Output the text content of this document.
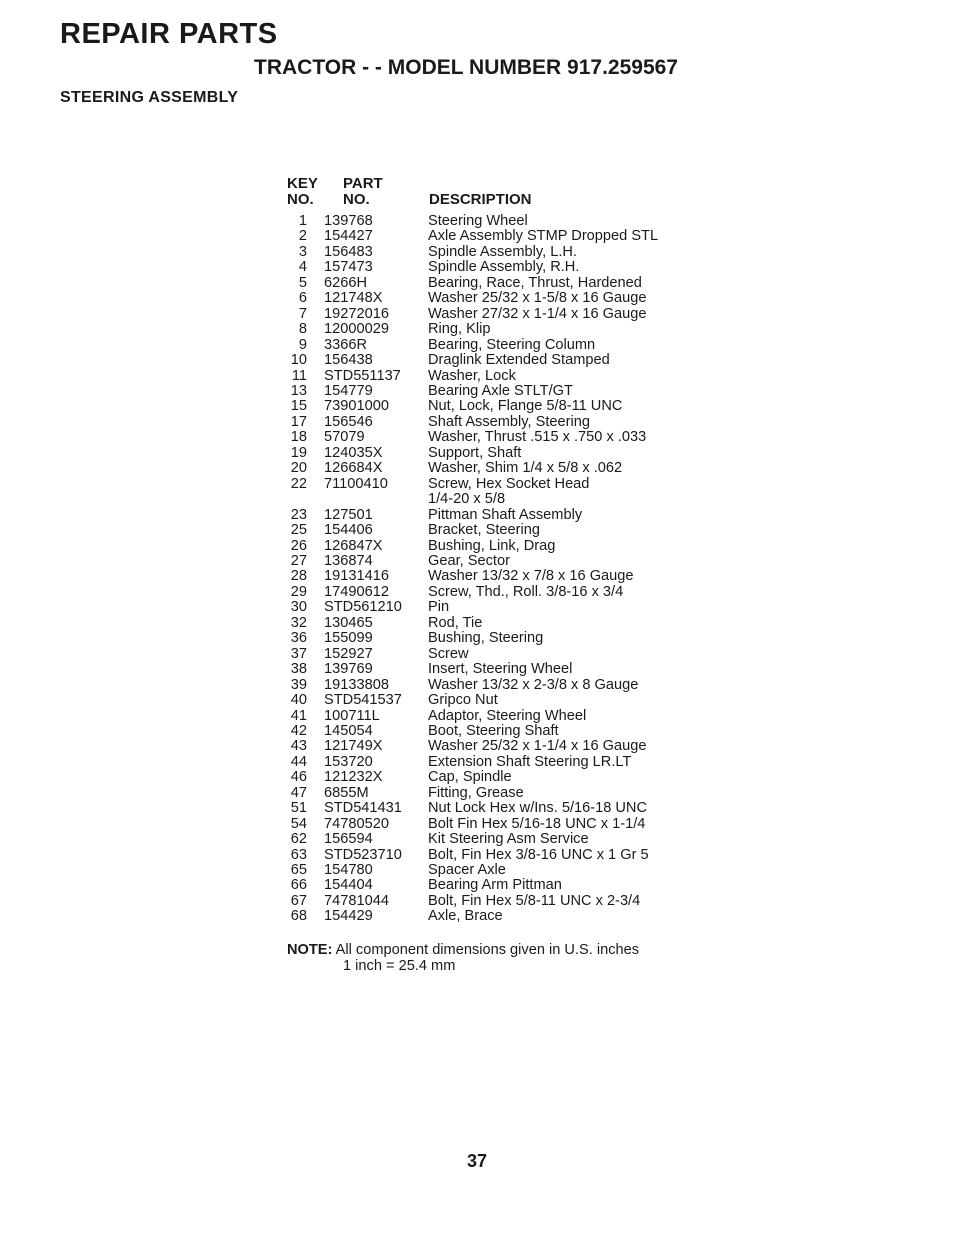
REPAIR PARTS
TRACTOR - - MODEL NUMBER 917.259567
STEERING ASSEMBLY
KEY
NO.
PART
NO.	DESCRIPTION
1	139768	Steering Wheel
2	154427	Axle Assembly STMP Dropped STL
3	156483	Spindle Assembly, L.H.
4	157473	Spindle Assembly, R.H.
5	6266H	Bearing, Race, Thrust, Hardened
6	121748X	Washer 25/32 x 1-5/8 x 16 Gauge
7	19272016	Washer 27/32 x 1-1/4 x 16 Gauge
8	12000029	Ring, Klip
9	3366R	Bearing, Steering Column
10	156438	Draglink Extended Stamped
11	STD551137	Washer, Lock
13	154779	Bearing Axle STLT/GT
15	73901000	Nut, Lock, Flange 5/8-11 UNC
17	156546	Shaft Assembly, Steering
18	57079	Washer, Thrust .515 x .750 x .033
19	124035X	Support, Shaft
20	126684X	Washer, Shim 1/4 x 5/8 x .062
22	71100410	Screw, Hex Socket Head
1/4-20 x 5/8
23	127501	Pittman Shaft Assembly
25	154406	Bracket, Steering
26	126847X	Bushing, Link, Drag
27	136874	Gear, Sector
28	19131416	Washer 13/32 x 7/8 x 16 Gauge
29	17490612	Screw, Thd., Roll. 3/8-16 x 3/4
30	STD561210	Pin
32	130465	Rod, Tie
36	155099	Bushing, Steering
37	152927	Screw
38	139769	Insert, Steering Wheel
39	19133808	Washer 13/32 x 2-3/8 x 8 Gauge
40	STD541537	Gripco Nut
41	100711L	Adaptor, Steering Wheel
42	145054	Boot, Steering Shaft
43	121749X	Washer 25/32 x 1-1/4 x 16 Gauge
44	153720	Extension Shaft Steering LR.LT
46	121232X	Cap, Spindle
47	6855M	Fitting, Grease
51	STD541431	Nut Lock Hex w/Ins. 5/16-18 UNC
54	74780520	Bolt Fin Hex 5/16-18 UNC x 1-1/4
62	156594	Kit Steering Asm Service
63	STD523710	Bolt, Fin Hex 3/8-16 UNC x 1 Gr 5
65	154780	Spacer Axle
66	154404	Bearing Arm Pittman
67	74781044	Bolt, Fin Hex 5/8-11 UNC x 2-3/4
68	154429	Axle, Brace
NOTE: All component dimensions given in U.S. inches
1 inch = 25.4 mm
37
